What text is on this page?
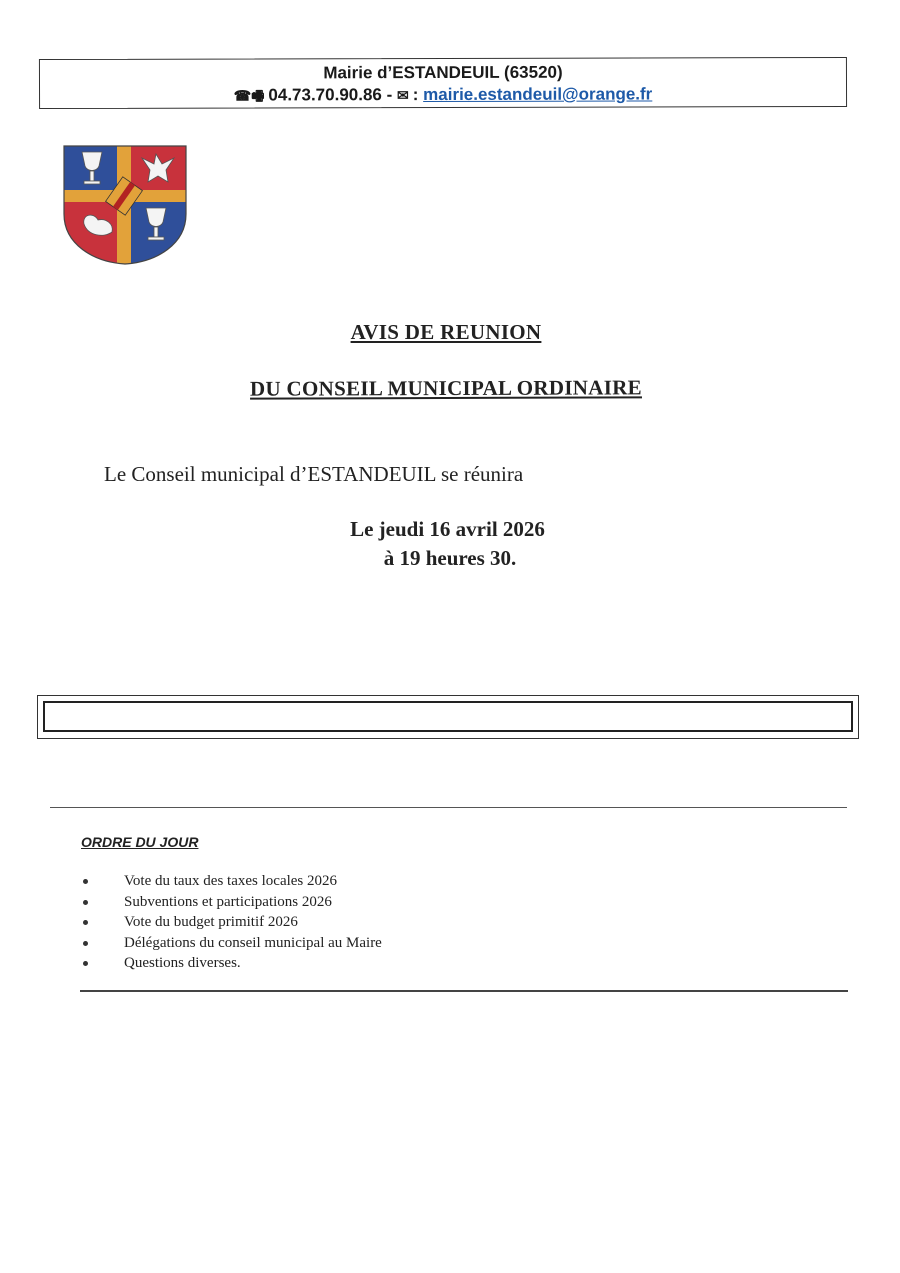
Mairie d’ESTANDEUIL (63520)
☎🖷 04.73.70.90.86 - ✉ : mairie.estandeuil@orange.fr
AVIS DE REUNION
DU CONSEIL MUNICIPAL ORDINAIRE
Le Conseil municipal d’ESTANDEUIL se réunira
Le jeudi 16 avril 2026
à 19 heures 30.
ORDRE DU JOUR
Vote du taux des taxes locales 2026
Subventions et participations 2026
Vote du budget primitif 2026
Délégations du conseil municipal au Maire
Questions diverses.
